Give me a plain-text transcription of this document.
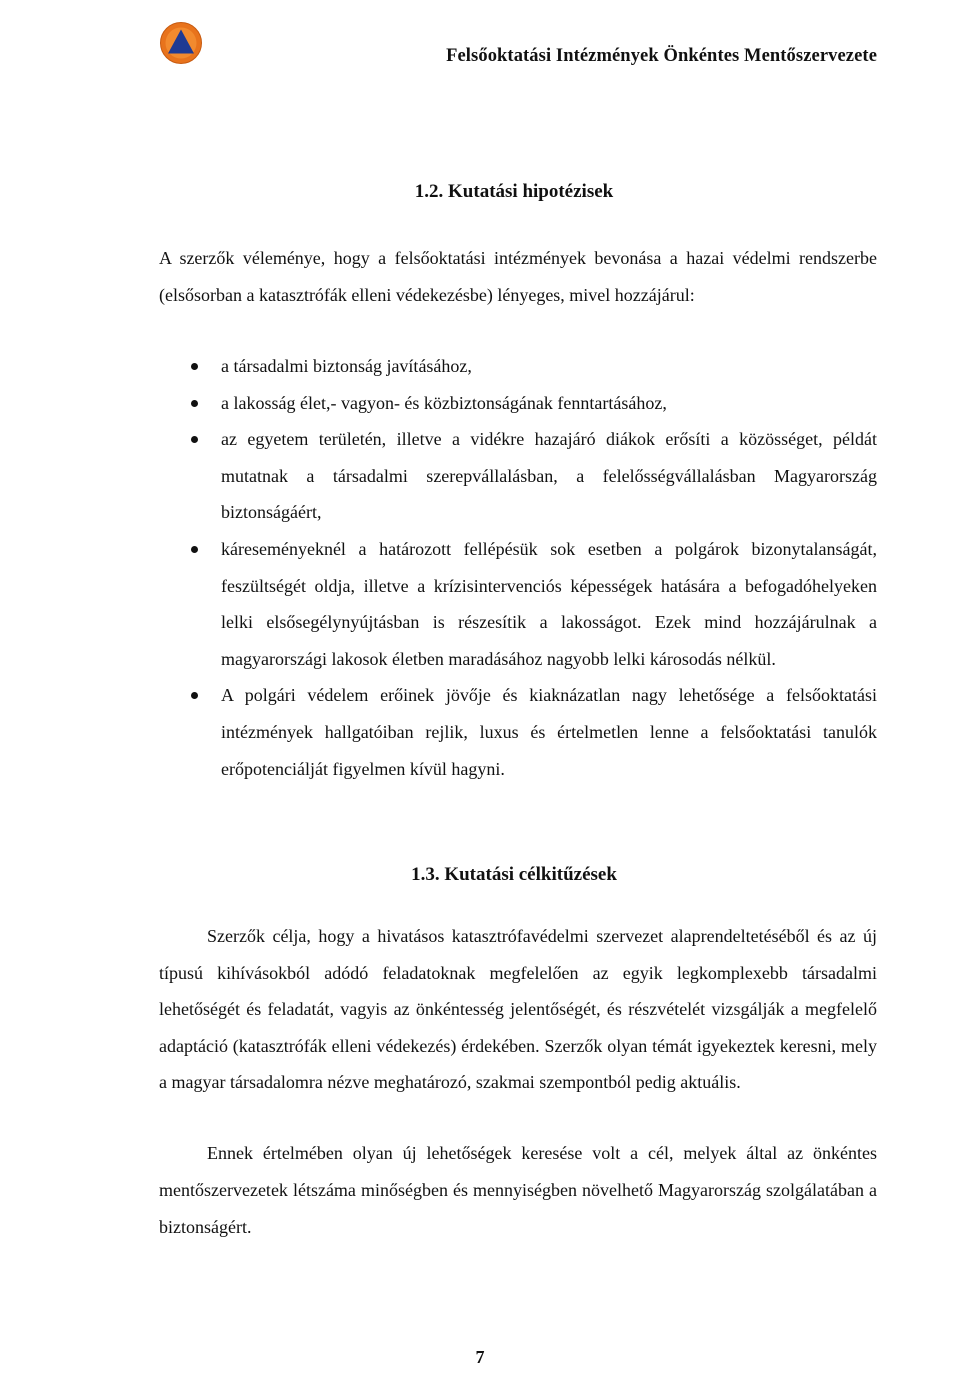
Felsőoktatási Intézmények Önkéntes Mentőszervezete
1.2. Kutatási hipotézisek

A szerzők véleménye, hogy a felsőoktatási intézmények bevonása a hazai védelmi rendszerbe (elsősorban a katasztrófák elleni védekezésbe) lényeges, mivel hozzájárul:

a társadalmi biztonság javításához,
a lakosság élet,- vagyon- és közbiztonságának fenntartásához,
az egyetem területén, illetve a vidékre hazajáró diákok erősíti a közösséget, példát mutatnak a társadalmi szerepvállalásban, a felelősségvállalásban Magyarország biztonságáért,
káreseményeknél a határozott fellépésük sok esetben a polgárok bizonytalanságát, feszültségét oldja, illetve a krízisintervenciós képességek hatására a befogadóhelyeken lelki elsősegélynyújtásban is részesítik a lakosságot. Ezek mind hozzájárulnak a magyarországi lakosok életben maradásához nagyobb lelki károsodás nélkül.
A polgári védelem erőinek jövője és kiaknázatlan nagy lehetősége a felsőoktatási intézmények hallgatóiban rejlik, luxus és értelmetlen lenne a felsőoktatási tanulók erőpotenciálját figyelmen kívül hagyni.
1.3. Kutatási célkitűzések

Szerzők célja, hogy a hivatásos katasztrófavédelmi szervezet alaprendeltetéséből és az új típusú kihívásokból adódó feladatoknak megfelelően az egyik legkomplexebb társadalmi lehetőségét és feladatát, vagyis az önkéntesség jelentőségét, és részvételét vizsgálják a megfelelő adaptáció (katasztrófák elleni védekezés) érdekében. Szerzők olyan témát igyekeztek keresni, mely a magyar társadalomra nézve meghatározó, szakmai szempontból pedig aktuális.

Ennek értelmében olyan új lehetőségek keresése volt a cél, melyek által az önkéntes mentőszervezetek létszáma minőségben és mennyiségben növelhető Magyarország szolgálatában a biztonságért.

7
